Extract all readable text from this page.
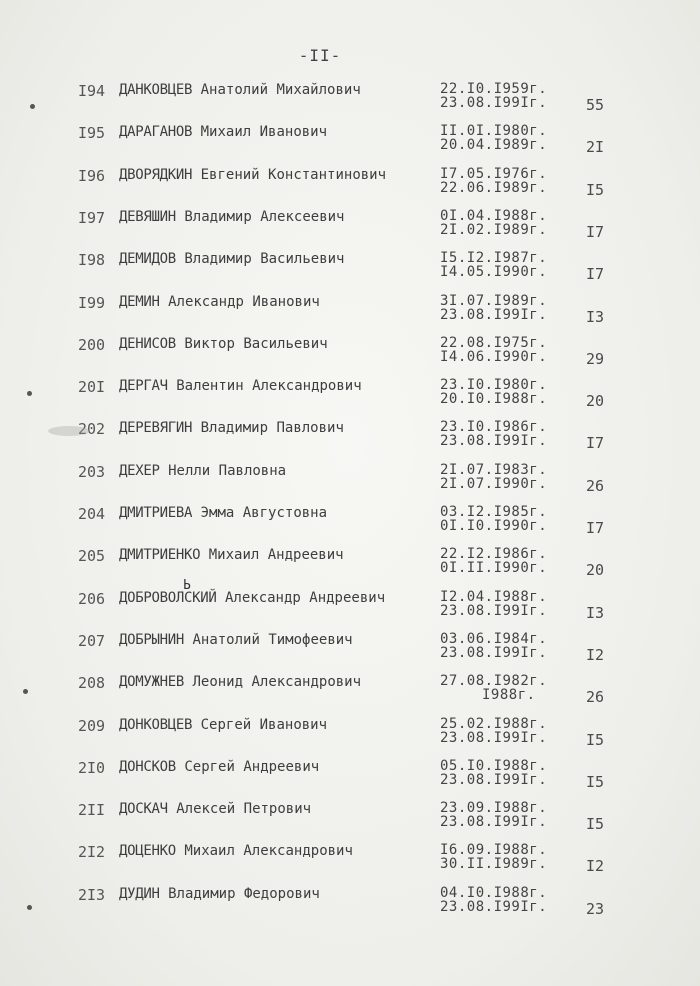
-II-
I94 ДАНКОВЦЕВ Анатолий Михайлович	22.I0.I959г.
23.08.I99Iг.	55
I95 ДАРАГАНОВ Михаил Иванович	II.0I.I980г.
20.04.I989г.	2I
I96 ДВОРЯДКИН Евгений Константинович	I7.05.I976г.
22.06.I989г.	I5
I97 ДЕВЯШИН Владимир Алексеевич	0I.04.I988г.
2I.02.I989г.	I7
I98 ДЕМИДОВ Владимир Васильевич	I5.I2.I987г.
I4.05.I990г.	I7
I99 ДЕМИН Александр Иванович	3I.07.I989г.
23.08.I99Iг.	I3
200 ДЕНИСОВ Виктор Васильевич	22.08.I975г.
I4.06.I990г.	29
20I ДЕРГАЧ Валентин Александрович	23.I0.I980г.
20.I0.I988г.	20
202 ДЕРЕВЯГИН Владимир Павлович	23.I0.I986г.
23.08.I99Iг.	I7
203 ДЕХЕР Нелли Павловна	2I.07.I983г.
2I.07.I990г.	26
204 ДМИТРИЕВА Эмма Августовна	03.I2.I985г.
0I.I0.I990г.	I7
205 ДМИТРИЕНКО Михаил Андреевич	22.I2.I986г.
0I.II.I990г.	20
206 ДОБРОВОЛСКИЙ Александр Андреевич
Ь
I2.04.I988г.
23.08.I99Iг.	I3
207 ДОБРЫНИН Анатолий Тимофеевич	03.06.I984г.
23.08.I99Iг.	I2
208 ДОМУЖНЕВ Леонид Александрович	27.08.I982г.
I988г.	26
209 ДОНКОВЦЕВ Сергей Иванович	25.02.I988г.
23.08.I99Iг.	I5
2I0 ДОНСКОВ Сергей Андреевич	05.I0.I988г.
23.08.I99Iг.	I5
2II ДОСКАЧ Алексей Петрович	23.09.I988г.
23.08.I99Iг.	I5
2I2 ДОЦЕНКО Михаил Александрович	I6.09.I988г.
30.II.I989г.	I2
2I3 ДУДИН Владимир Федорович	04.I0.I988г.
23.08.I99Iг.	23
